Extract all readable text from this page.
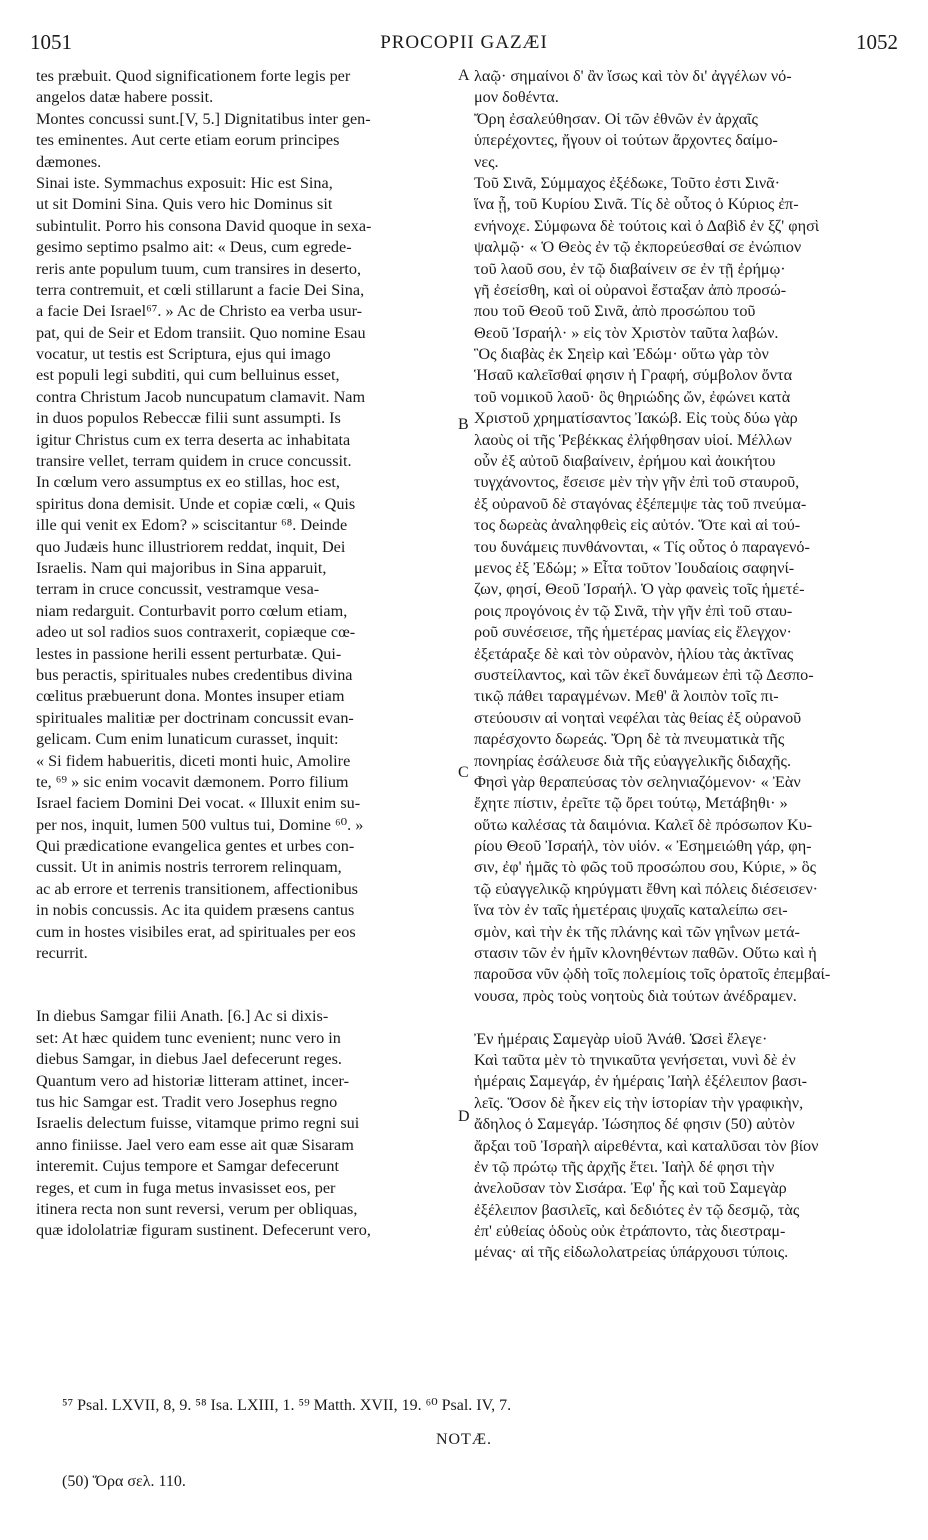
1051	PROCOPII GAZÆI	1052
tes præbuit. Quod significationem forte legis per
angelos datæ habere possit.
Montes concussi sunt.[V, 5.] Dignitatibus inter gen-
tes eminentes. Aut certe etiam eorum principes
dæmones.
Sinai iste. Symmachus exposuit: Hic est Sina,
ut sit Domini Sina. Quis vero hic Dominus sit
subintulit. Porro his consona David quoque in sexa-
gesimo septimo psalmo ait: « Deus, cum egrede-
reris ante populum tuum, cum transires in deserto,
terra contremuit, et cœli stillarunt a facie Dei Sina,
a facie Dei Israel⁶⁷. » Ac de Christo ea verba usur-
pat, qui de Seir et Edom transiit. Quo nomine Esau
vocatur, ut testis est Scriptura, ejus qui imago
est populi legi subditi, qui cum belluinus esset,
contra Christum Jacob nuncupatum clamavit. Nam
in duos populos Rebeccæ filii sunt assumpti. Is
igitur Christus cum ex terra deserta ac inhabitata
transire vellet, terram quidem in cruce concussit.
In cœlum vero assumptus ex eo stillas, hoc est,
spiritus dona demisit. Unde et copiæ cœli, « Quis
ille qui venit ex Edom? » sciscitantur ⁶⁸. Deinde
quo Judæis hunc illustriorem reddat, inquit, Dei
Israelis. Nam qui majoribus in Sina apparuit,
terram in cruce concussit, vestramque vesa-
niam redarguit. Conturbavit porro cœlum etiam,
adeo ut sol radios suos contraxerit, copiæque cœ-
lestes in passione herili essent perturbatæ. Qui-
bus peractis, spirituales nubes credentibus divina
cœlitus præbuerunt dona. Montes insuper etiam
spirituales malitiæ per doctrinam concussit evan-
gelicam. Cum enim lunaticum curasset, inquit:
« Si fidem habueritis, diceti monti huic, Amolire
te, ⁶⁹ » sic enim vocavit dæmonem. Porro filium
Israel faciem Domini Dei vocat. « Illuxit enim su-
per nos, inquit, lumen 500 vultus tui, Domine ⁶⁰. »
Qui prædicatione evangelica gentes et urbes con-
cussit. Ut in animis nostris terrorem relinquam,
ac ab errore et terrenis transitionem, affectionibus
in nobis concussis. Ac ita quidem præsens cantus
cum in hostes visibiles erat, ad spirituales per eos
recurrit.
In diebus Samgar filii Anath. [6.] Ac si dixis-
set: At hæc quidem tunc evenient; nunc vero in
diebus Samgar, in diebus Jael defecerunt reges.
Quantum vero ad historiæ litteram attinet, incer-
tus hic Samgar est. Tradit vero Josephus regno
Israelis delectum fuisse, vitamque primo regni sui
anno finiisse. Jael vero eam esse ait quæ Sisaram
interemit. Cujus tempore et Samgar defecerunt
reges, et cum in fuga metus invasisset eos, per
itinera recta non sunt reversi, verum per obliquas,
quæ idololatriæ figuram sustinent. Defecerunt vero,
λαῷ· σημαίνοι δ' ἂν ἴσως καὶ τὸν δι' ἀγγέλων νό-
μον δοθέντα.
Ὄρη ἐσαλεύθησαν. Οἱ τῶν ἐθνῶν ἐν ἀρχαῖς
ὑπερέχοντες, ἤγουν οἱ τούτων ἄρχοντες δαίμο-
νες.
Τοῦ Σινᾶ, Σύμμαχος ἐξέδωκε, Τοῦτο ἐστι Σινᾶ·
ἵνα ᾖ, τοῦ Κυρίου Σινᾶ. Τίς δὲ οὗτος ὁ Κύριος ἐπ-
ενήνοχε. Σύμφωνα δὲ τούτοις καὶ ὁ Δαβὶδ ἐν ξζ' φησὶ
ψαλμῷ· « Ὁ Θεὸς ἐν τῷ ἐκπορεύεσθαί σε ἐνώπιον
τοῦ λαοῦ σου, ἐν τῷ διαβαίνειν σε ἐν τῇ ἐρήμῳ·
γῆ ἐσείσθη, καὶ οἱ οὐρανοὶ ἔσταξαν ἀπὸ προσώ-
που τοῦ Θεοῦ τοῦ Σινᾶ, ἀπὸ προσώπου τοῦ
Θεοῦ Ἰσραήλ· » εἰς τὸν Χριστὸν ταῦτα λαβών.
Ὃς διαβὰς ἐκ Σηεὶρ καὶ Ἐδώμ· οὕτω γὰρ τὸν
Ἡσαῦ καλεῖσθαί φησιν ἡ Γραφή, σύμβολον ὄντα
τοῦ νομικοῦ λαοῦ· ὃς θηριώδης ὤν, ἐφώνει κατὰ
Χριστοῦ χρηματίσαντος Ἰακώβ. Εἰς τοὺς δύω γὰρ
λαοὺς οἱ τῆς Ῥεβέκκας ἐλήφθησαν υἱοί. Μέλλων
οὖν ἐξ αὐτοῦ διαβαίνειν, ἐρήμου καὶ ἀοικήτου
τυγχάνοντος, ἔσεισε μὲν τὴν γῆν ἐπὶ τοῦ σταυροῦ,
ἐξ οὐρανοῦ δὲ σταγόνας ἐξέπεμψε τὰς τοῦ πνεύμα-
τος δωρεὰς ἀναληφθεὶς εἰς αὐτόν. Ὅτε καὶ αἱ τού-
του δυνάμεις πυνθάνονται, « Τίς οὗτος ὁ παραγενό-
μενος ἐξ Ἐδώμ; » Εἶτα τοῦτον Ἰουδαίοις σαφηνί-
ζων, φησί, Θεοῦ Ἰσραήλ. Ὁ γὰρ φανεὶς τοῖς ἡμετέ-
ροις προγόνοις ἐν τῷ Σινᾶ, τὴν γῆν ἐπὶ τοῦ σταυ-
ροῦ συνέσεισε, τῆς ἡμετέρας μανίας εἰς ἔλεγχον·
ἐξετάραξε δὲ καὶ τὸν οὐρανὸν, ἡλίου τὰς ἀκτῖνας
συστείλαντος, καὶ τῶν ἐκεῖ δυνάμεων ἐπὶ τῷ Δεσπο-
τικῷ πάθει ταραγμένων. Μεθ' ἃ λοιπὸν τοῖς πι-
στεύουσιν αἱ νοηταὶ νεφέλαι τὰς θείας ἐξ οὐρανοῦ
παρέσχοντο δωρεάς. Ὄρη δὲ τὰ πνευματικὰ τῆς
πονηρίας ἐσάλευσε διὰ τῆς εὐαγγελικῆς διδαχῆς.
Φησὶ γὰρ θεραπεύσας τὸν σεληνιαζόμενον· « Ἐὰν
ἔχητε πίστιν, ἐρεῖτε τῷ ὄρει τούτῳ, Μετάβηθι· »
οὕτω καλέσας τὰ δαιμόνια. Καλεῖ δὲ πρόσωπον Κυ-
ρίου Θεοῦ Ἰσραήλ, τὸν υἱόν. « Ἐσημειώθη γάρ, φη-
σιν, ἐφ' ἡμᾶς τὸ φῶς τοῦ προσώπου σου, Κύριε, » ὃς
τῷ εὐαγγελικῷ κηρύγματι ἔθνη καὶ πόλεις διέσεισεν·
ἵνα τὸν ἐν ταῖς ἡμετέραις ψυχαῖς καταλείπω σει-
σμὸν, καὶ τὴν ἐκ τῆς πλάνης καὶ τῶν γηΐνων μετά-
στασιν τῶν ἐν ἡμῖν κλονηθέντων παθῶν. Οὕτω καὶ ἡ
παροῦσα νῦν ᾠδὴ τοῖς πολεμίοις τοῖς ὁρατοῖς ἐπεμβαί-
νουσα, πρὸς τοὺς νοητοὺς διὰ τούτων ἀνέδραμεν.
Ἐν ἡμέραις Σαμεγὰρ υἱοῦ Ἀνάθ. Ὡσεὶ ἔλεγε·
Καὶ ταῦτα μὲν τὸ τηνικαῦτα γενήσεται, νυνὶ δὲ ἐν
ἡμέραις Σαμεγάρ, ἐν ἡμέραις Ἰαὴλ ἐξέλειπον βασι-
λεῖς. Ὅσον δὲ ἧκεν εἰς τὴν ἱστορίαν τὴν γραφικὴν,
ἄδηλος ὁ Σαμεγάρ. Ἰώσηπος δέ φησιν (50) αὐτὸν
ἄρξαι τοῦ Ἰσραὴλ αἱρεθέντα, καὶ καταλῦσαι τὸν βίον
ἐν τῷ πρώτῳ τῆς ἀρχῆς ἔτει. Ἰαὴλ δέ φησι τὴν
ἀνελοῦσαν τὸν Σισάρα. Ἐφ' ἧς καὶ τοῦ Σαμεγὰρ
ἐξέλειπον βασιλεῖς, καὶ δεδιότες ἐν τῷ δεσμῷ, τὰς
ἐπ' εὐθείας ὁδοὺς οὐκ ἐτράποντο, τὰς διεστραμ-
μένας· αἱ τῆς εἰδωλολατρείας ὑπάρχουσι τύποις.
A
B
C
D
⁵⁷ Psal. LXVII, 8, 9. ⁵⁸ Isa. LXIII, 1. ⁵⁹ Matth. XVII, 19. ⁶⁰ Psal. IV, 7.
NOTÆ.
(50) Ὅρα σελ. 110.
